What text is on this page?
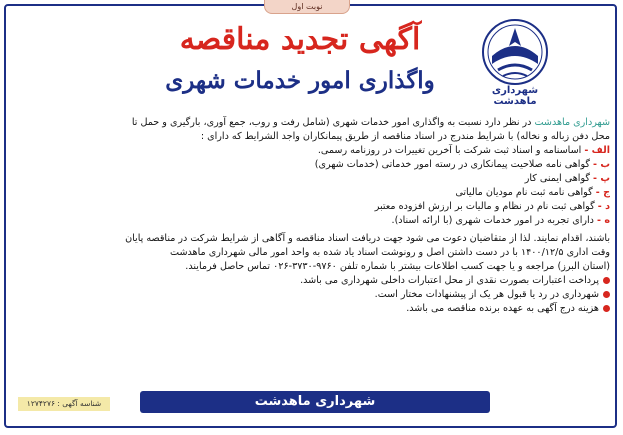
نوبت اول
شهرداری ماهدشت
آگهی تجدید مناقصه
واگذاری امور خدمات شهری
شهرداری ماهدشت در نظر دارد نسبت به واگذاری امور خدمات شهری (شامل رفت و روب، جمع آوری، بارگیری و حمل تا
محل دفن زباله و نخاله) با شرایط مندرج در اسناد مناقصه از طریق پیمانکاران واجد الشرایط که دارای :
الف - اساسنامه و اسناد ثبت شرکت با آخرین تغییرات در روزنامه رسمی.
ب - گواهی نامه صلاحیت پیمانکاری در رسته امور خدماتی (خدمات شهری)
پ - گواهی ایمنی کار
ج - گواهی نامه ثبت نام مودیان مالیاتی
د - گواهی ثبت نام در نظام و مالیات بر ارزش افزوده معتبر
ه - دارای تجربه در امور خدمات شهری (با ارائه اسناد).
باشند، اقدام نمایند. لذا از متقاضیان دعوت می شود جهت دریافت اسناد مناقصه و آگاهی از شرایط شرکت در مناقصه پایان
وقت اداری ۱۴۰۰/۱۲/۵ با در دست داشتن اصل و رونوشت اسناد یاد شده به واحد امور مالی شهرداری ماهدشت
(استان البرز) مراجعه و یا جهت کسب اطلاعات بیشتر با شماره تلفن ۹۷۶۰-۳۷۳۰-۰۲۶ تماس حاصل فرمایند.
پرداخت اعتبارات بصورت نقدی از محل اعتبارات داخلی شهرداری می باشد.
شهرداری در رد یا قبول هر یک از پیشنهادات مختار است.
هزینه درج آگهی به عهده برنده مناقصه می باشد.
شهرداری ماهدشت
شناسه آگهی : ۱۲۷۴۲۷۶
